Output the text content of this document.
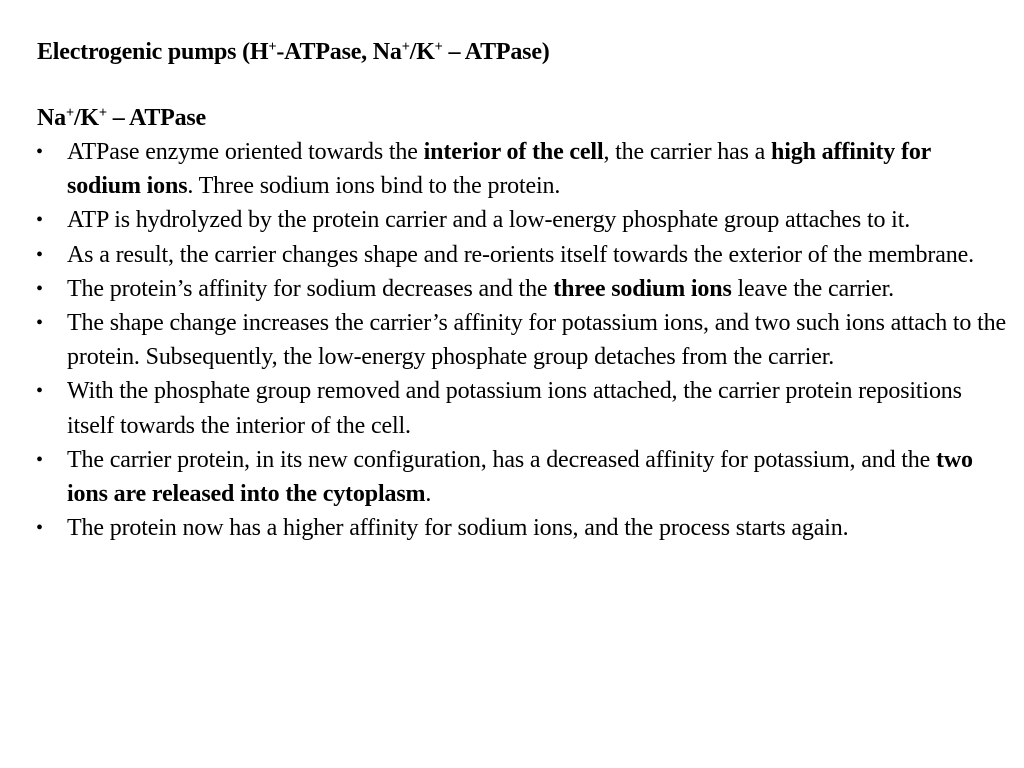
Electrogenic pumps (H+-ATPase, Na+/K+ – ATPase)
Na+/K+ – ATPase
• ATPase enzyme oriented towards the interior of the cell, the carrier has a high affinity for sodium ions. Three sodium ions bind to the protein.
• ATP is hydrolyzed by the protein carrier and a low-energy phosphate group attaches to it.
• As a result, the carrier changes shape and re-orients itself towards the exterior of the membrane.
• The protein’s affinity for sodium decreases and the three sodium ions leave the carrier.
• The shape change increases the carrier’s affinity for potassium ions, and two such ions attach to the protein. Subsequently, the low-energy phosphate group detaches from the carrier.
• With the phosphate group removed and potassium ions attached, the carrier protein repositions itself towards the interior of the cell.
• The carrier protein, in its new configuration, has a decreased affinity for potassium, and the two ions are released into the cytoplasm.
• The protein now has a higher affinity for sodium ions, and the process starts again.
